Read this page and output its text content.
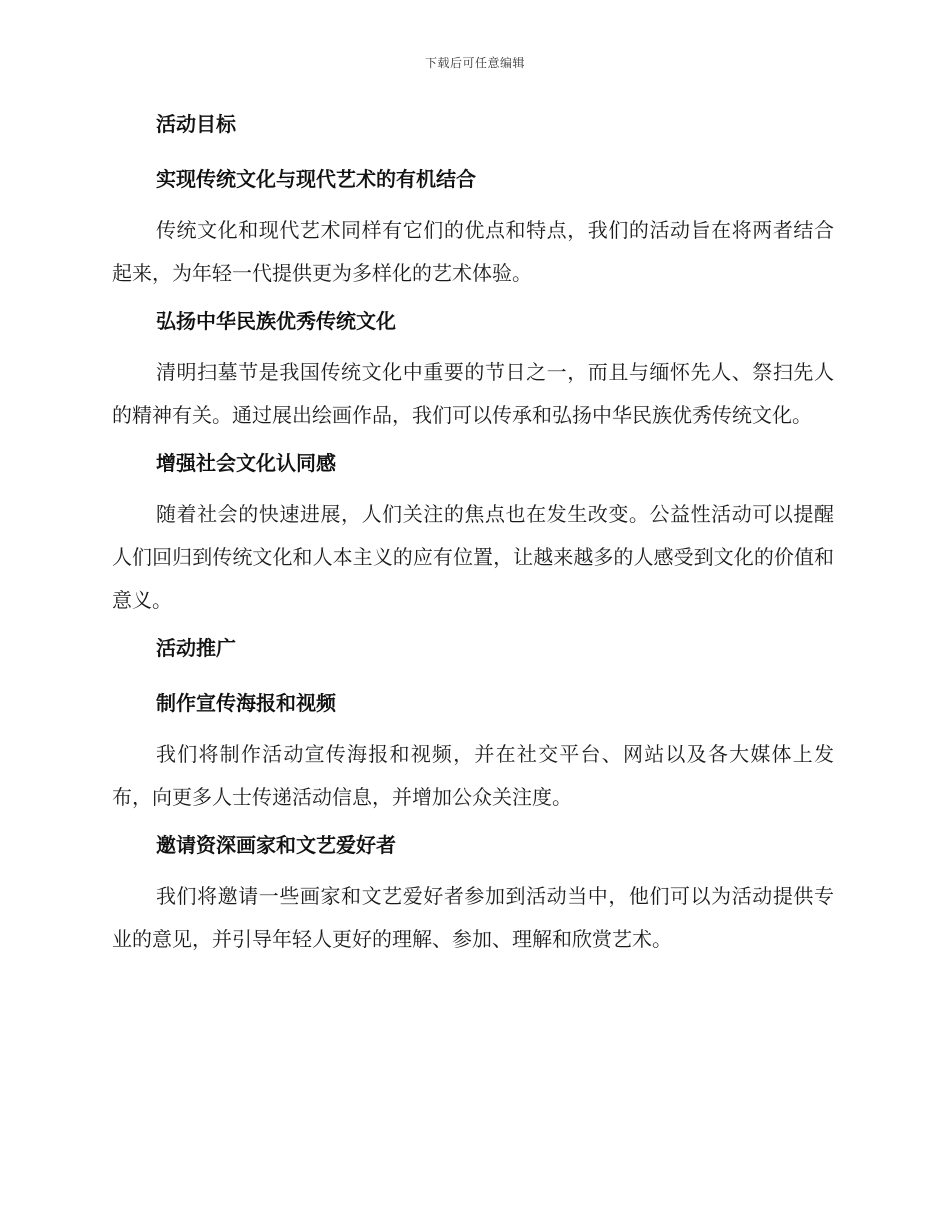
下载后可任意编辑
活动目标
实现传统文化与现代艺术的有机结合

传统文化和现代艺术同样有它们的优点和特点，我们的活动旨在将两者结合起来，为年轻一代提供更为多样化的艺术体验。

弘扬中华民族优秀传统文化

清明扫墓节是我国传统文化中重要的节日之一，而且与缅怀先人、祭扫先人的精神有关。通过展出绘画作品，我们可以传承和弘扬中华民族优秀传统文化。

增强社会文化认同感

随着社会的快速进展，人们关注的焦点也在发生改变。公益性活动可以提醒人们回归到传统文化和人本主义的应有位置，让越来越多的人感受到文化的价值和意义。

活动推广
制作宣传海报和视频

我们将制作活动宣传海报和视频，并在社交平台、网站以及各大媒体上发布，向更多人士传递活动信息，并增加公众关注度。

邀请资深画家和文艺爱好者

我们将邀请一些画家和文艺爱好者参加到活动当中，他们可以为活动提供专业的意见，并引导年轻人更好的理解、参加、理解和欣赏艺术。
